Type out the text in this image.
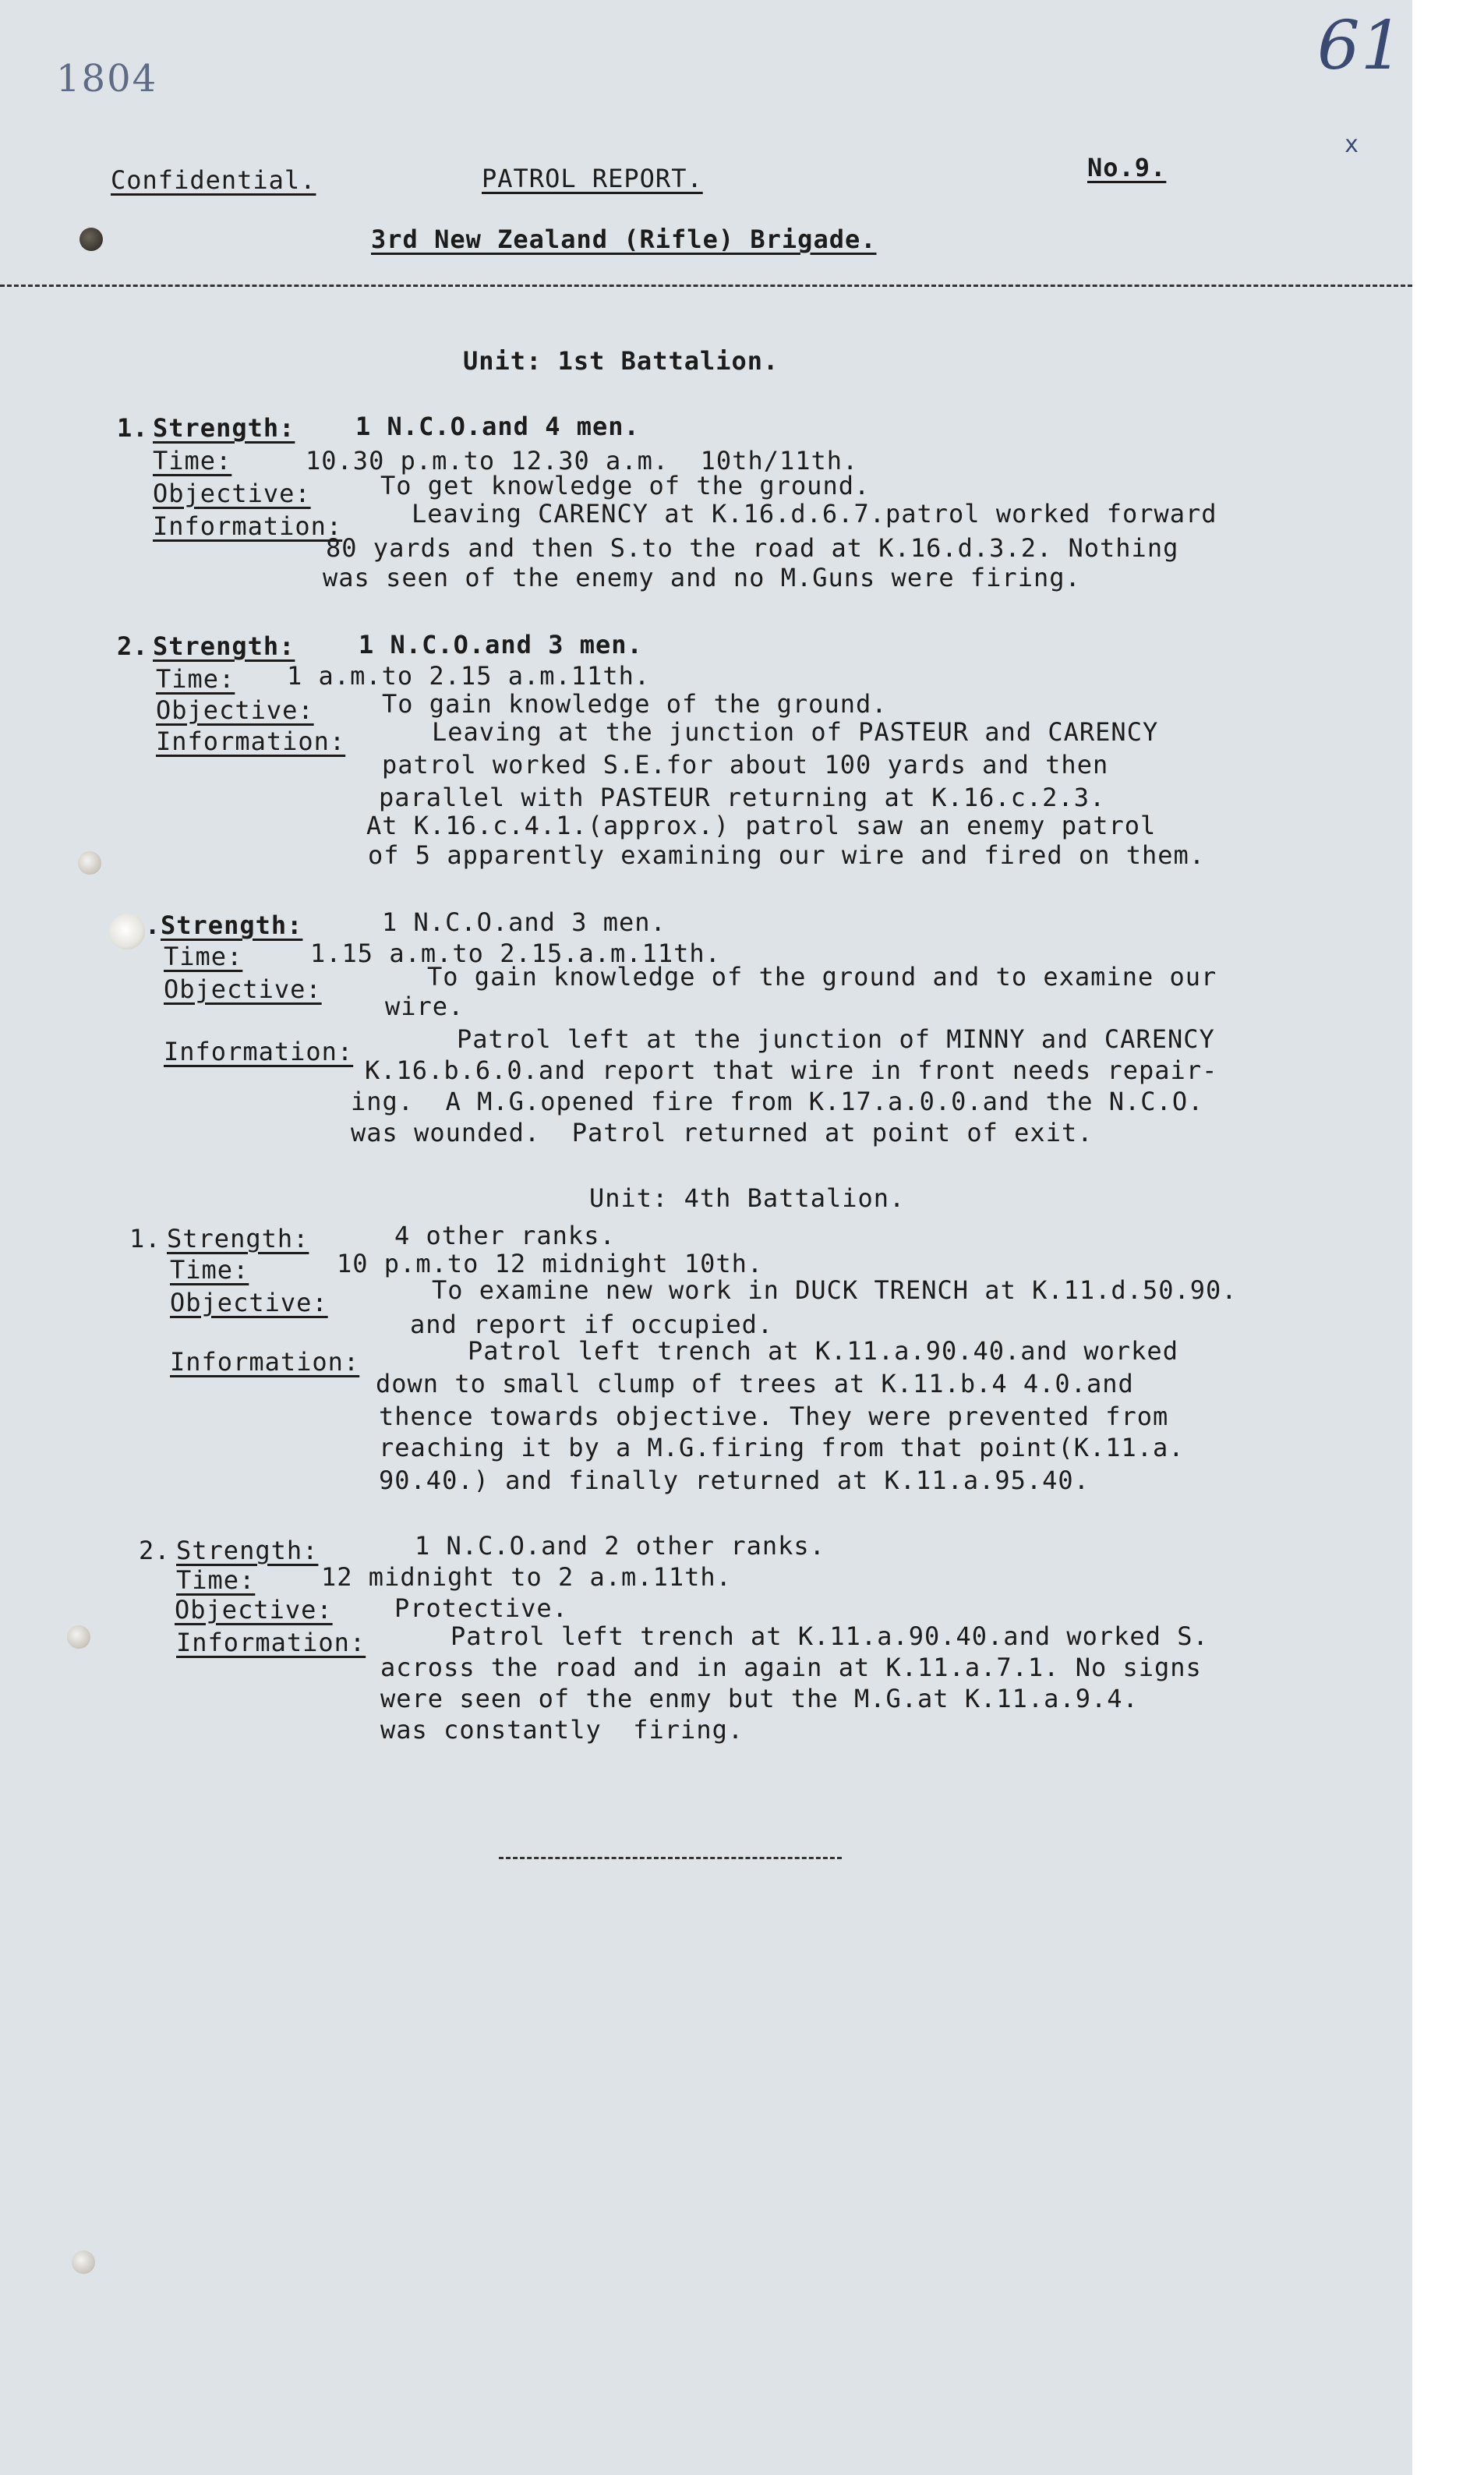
1804	61
x
Confidential.	PATROL REPORT.	No.9.
3rd New Zealand (Rifle) Brigade.
Unit: 1st Battalion.
1. Strength: 1 N.C.O.and 4 men.
Time:	10.30 p.m.to 12.30 a.m.  10th/11th.
Objective:	To get knowledge of the ground.
Information:	Leaving CARENCY at K.16.d.6.7.patrol worked forward
80 yards and then S.to the road at K.16.d.3.2. Nothing
was seen of the enemy and no M.Guns were firing.
2. Strength:	1 N.C.O.and 3 men.
Time: 1 a.m.to 2.15 a.m.11th.
Objective:	To gain knowledge of the ground.
Information:	Leaving at the junction of PASTEUR and CARENCY
patrol worked S.E.for about 100 yards and then
parallel with PASTEUR returning at K.16.c.2.3.
At K.16.c.4.1.(approx.) patrol saw an enemy patrol
of 5 apparently examining our wire and fired on them.
. Strength:	1 N.C.O.and 3 men.
Time:	1.15 a.m.to 2.15.a.m.11th.
Objective:	To gain knowledge of the ground and to examine our
wire.
Information:	Patrol left at the junction of MINNY and CARENCY
K.16.b.6.0.and report that wire in front needs repair-
ing.  A M.G.opened fire from K.17.a.0.0.and the N.C.O.
was wounded.  Patrol returned at point of exit.
Unit: 4th Battalion.
1. Strength:	4 other ranks.
Time:	10 p.m.to 12 midnight 10th.
Objective:	To examine new work in DUCK TRENCH at K.11.d.50.90.
and report if occupied.
Information:	Patrol left trench at K.11.a.90.40.and worked
down to small clump of trees at K.11.b.4 4.0.and
thence towards objective. They were prevented from
reaching it by a M.G.firing from that point(K.11.a.
90.40.) and finally returned at K.11.a.95.40.
2. Strength:	1 N.C.O.and 2 other ranks.
Time:	12 midnight to 2 a.m.11th.
Objective: Protective.
Information:	Patrol left trench at K.11.a.90.40.and worked S.
across the road and in again at K.11.a.7.1. No signs
were seen of the enmy but the M.G.at K.11.a.9.4.
was constantly  firing.
